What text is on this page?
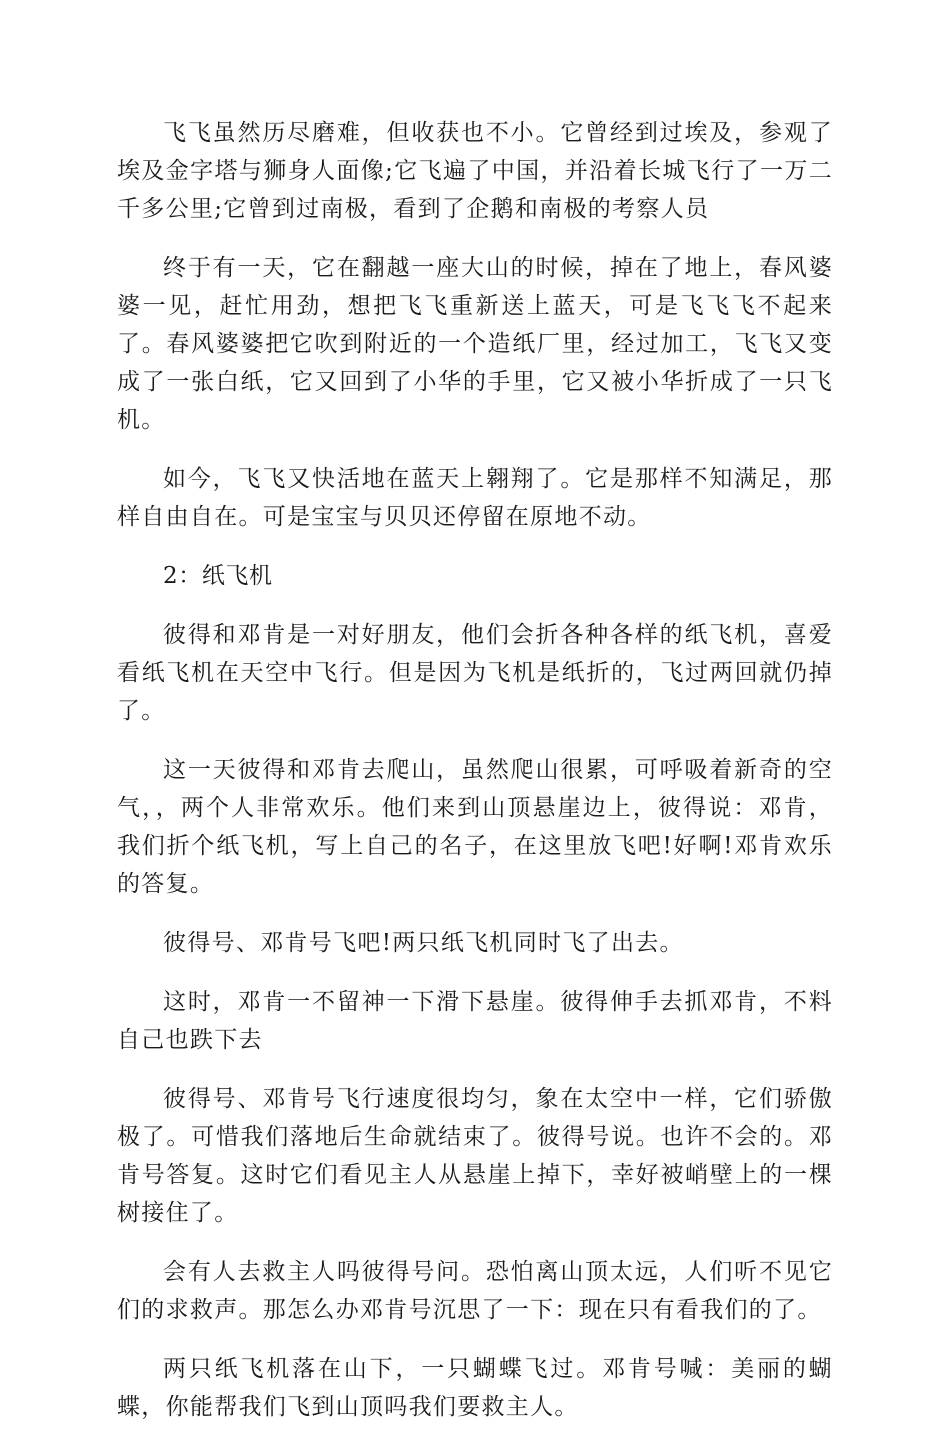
飞飞虽然历尽磨难，但收获也不小。它曾经到过埃及，参观了埃及金字塔与狮身人面像;它飞遍了中国，并沿着长城飞行了一万二千多公里;它曾到过南极，看到了企鹅和南极的考察人员

终于有一天，它在翻越一座大山的时候，掉在了地上，春风婆婆一见，赶忙用劲，想把飞飞重新送上蓝天，可是飞飞飞不起来了。春风婆婆把它吹到附近的一个造纸厂里，经过加工，飞飞又变成了一张白纸，它又回到了小华的手里，它又被小华折成了一只飞机。

如今，飞飞又快活地在蓝天上翱翔了。它是那样不知满足，那样自由自在。可是宝宝与贝贝还停留在原地不动。

2：纸飞机

彼得和邓肯是一对好朋友，他们会折各种各样的纸飞机，喜爱看纸飞机在天空中飞行。但是因为飞机是纸折的，飞过两回就仍掉了。

这一天彼得和邓肯去爬山，虽然爬山很累，可呼吸着新奇的空气，，两个人非常欢乐。他们来到山顶悬崖边上，彼得说：邓肯，我们折个纸飞机，写上自己的名子，在这里放飞吧!好啊!邓肯欢乐的答复。

彼得号、邓肯号飞吧!两只纸飞机同时飞了出去。

这时，邓肯一不留神一下滑下悬崖。彼得伸手去抓邓肯，不料自己也跌下去

彼得号、邓肯号飞行速度很均匀，象在太空中一样，它们骄傲极了。可惜我们落地后生命就结束了。彼得号说。也许不会的。邓肯号答复。这时它们看见主人从悬崖上掉下，幸好被峭壁上的一棵树接住了。

会有人去救主人吗彼得号问。恐怕离山顶太远，人们听不见它们的求救声。那怎么办邓肯号沉思了一下：现在只有看我们的了。

两只纸飞机落在山下，一只蝴蝶飞过。邓肯号喊：美丽的蝴蝶，你能帮我们飞到山顶吗我们要救主人。
